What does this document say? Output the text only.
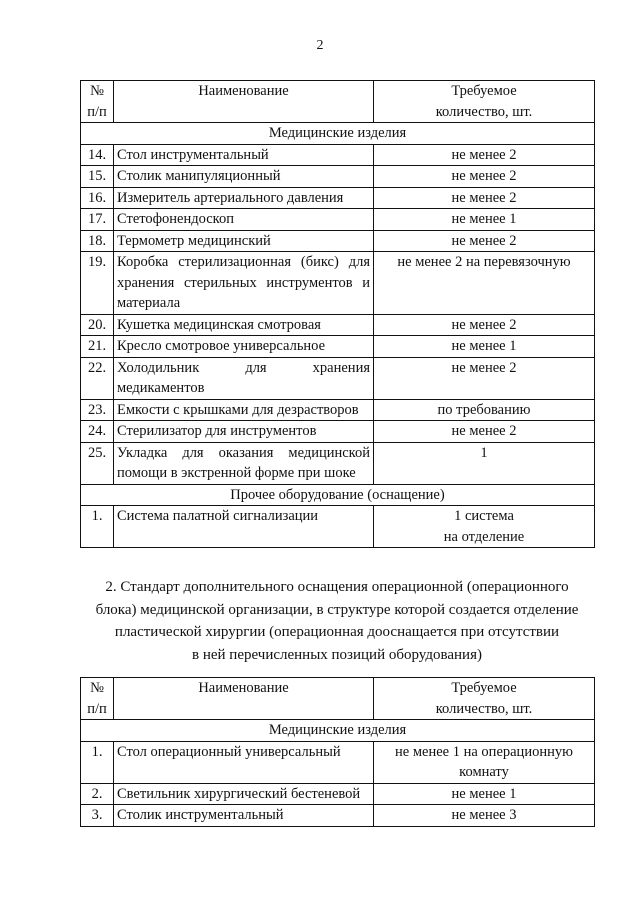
2
№ п/п	Наименование	Требуемое
количество, шт.

Медицинские изделия		
14.	Стол инструментальный	не менее 2
15.	Столик манипуляционный	не менее 2
16.	Измеритель артериального давления	не менее 2
17.	Стетофонендоскоп	не менее 1
18.	Термометр медицинский	не менее 2
19.	Коробка стерилизационная (бикс) для хранения стерильных инструментов и материала	не менее 2 на перевязочную
20.	Кушетка медицинская смотровая	не менее 2
21.	Кресло смотровое универсальное	не менее 1
22.	Холодильник для хранения медикаментов	не менее 2
23.	Емкости с крышками для дезрастворов	по требованию
24.	Стерилизатор для инструментов	не менее 2
25.	Укладка для оказания медицинской помощи в экстренной форме при шоке	1
Прочее оборудование (оснащение)		
1.	Система палатной сигнализации	1 система
на отделение
2. Стандарт дополнительного оснащения операционной (операционного
блока) медицинской организации, в структуре которой создается отделение
пластической хирургии (операционная дооснащается при отсутствии
в ней перечисленных позиций оборудования)
№ п/п	Наименование	Требуемое
количество, шт.

Медицинские изделия		
1.	Стол операционный универсальный	не менее 1 на операционную комнату
2.	Светильник хирургический бестеневой	не менее 1
3.	Столик инструментальный	не менее 3
